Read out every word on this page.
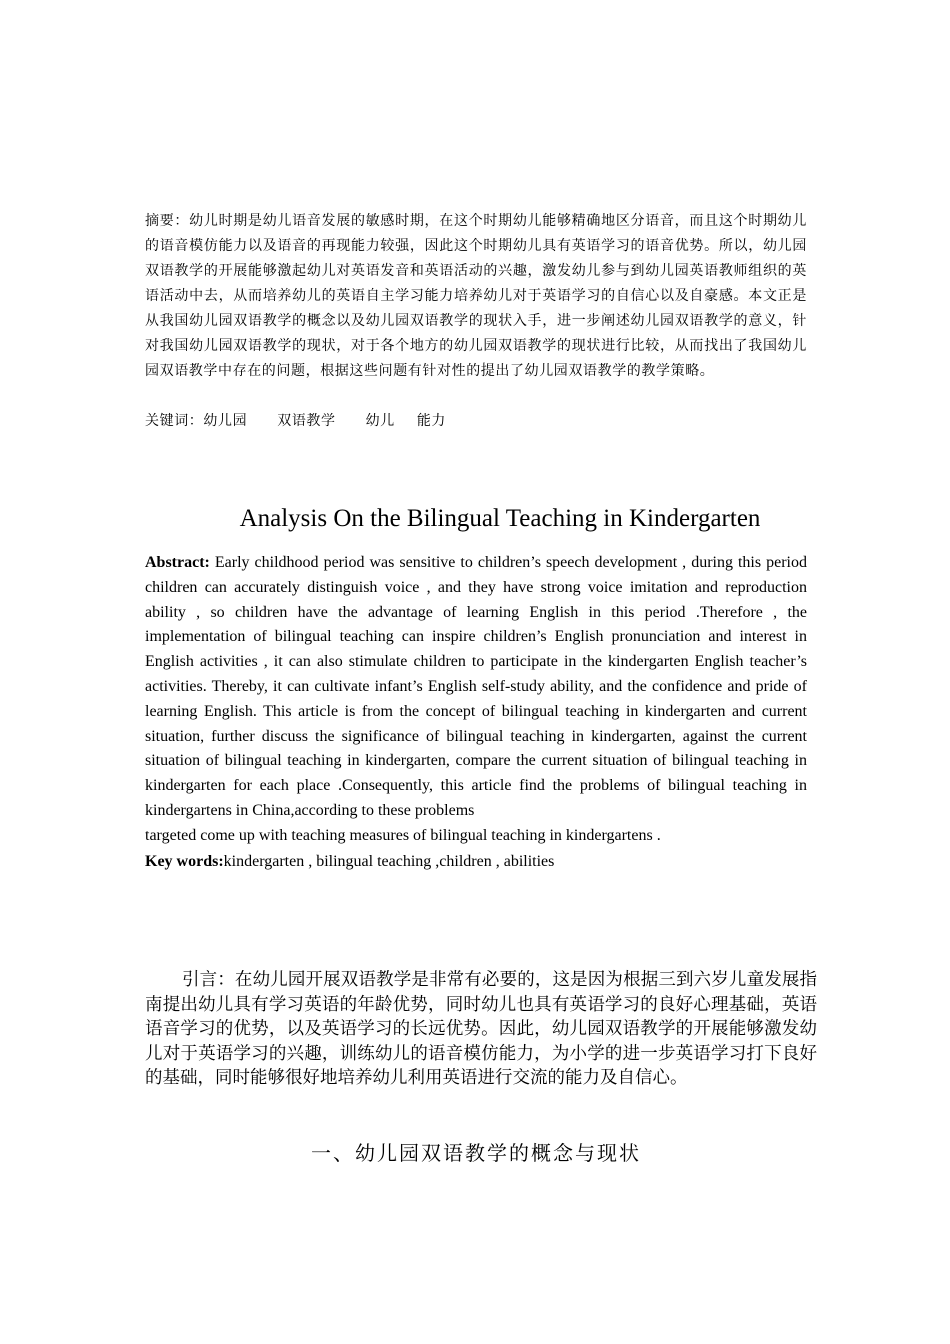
摘要：幼儿时期是幼儿语音发展的敏感时期，在这个时期幼儿能够精确地区分语音，而且这个时期幼儿的语音模仿能力以及语音的再现能力较强，因此这个时期幼儿具有英语学习的语音优势。所以，幼儿园双语教学的开展能够激起幼儿对英语发音和英语活动的兴趣，激发幼儿参与到幼儿园英语教师组织的英语活动中去，从而培养幼儿的英语自主学习能力培养幼儿对于英语学习的自信心以及自豪感。本文正是从我国幼儿园双语教学的概念以及幼儿园双语教学的现状入手，进一步阐述幼儿园双语教学的意义，针对我国幼儿园双语教学的现状，对于各个地方的幼儿园双语教学的现状进行比较，从而找出了我国幼儿园双语教学中存在的问题，根据这些问题有针对性的提出了幼儿园双语教学的教学策略。
关键词：幼儿园 双语教学 幼儿 能力
Analysis On the Bilingual Teaching in Kindergarten
Abstract: Early childhood period was sensitive to children’s speech development , during this period children can accurately distinguish voice , and they have strong voice imitation and reproduction ability , so children have the advantage of learning English in this period .Therefore , the implementation of bilingual teaching can inspire children’s English pronunciation and interest in English activities , it can also stimulate children to participate in the kindergarten English teacher’s activities. Thereby, it can cultivate infant’s English self-study ability, and the confidence and pride of learning English. This article is from the concept of bilingual teaching in kindergarten and current situation, further discuss the significance of bilingual teaching in kindergarten, against the current situation of bilingual teaching in kindergarten, compare the current situation of bilingual teaching in kindergarten for each place .Consequently, this article find the problems of bilingual teaching in kindergartens in China,according to these problems
targeted come up with teaching measures of bilingual teaching in kindergartens .
Key words:kindergarten , bilingual teaching ,children , abilities
引言：在幼儿园开展双语教学是非常有必要的，这是因为根据三到六岁儿童发展指南提出幼儿具有学习英语的年龄优势，同时幼儿也具有英语学习的良好心理基础，英语语音学习的优势，以及英语学习的长远优势。因此，幼儿园双语教学的开展能够激发幼儿对于英语学习的兴趣，训练幼儿的语音模仿能力，为小学的进一步英语学习打下良好的基础，同时能够很好地培养幼儿利用英语进行交流的能力及自信心。
一、幼儿园双语教学的概念与现状
